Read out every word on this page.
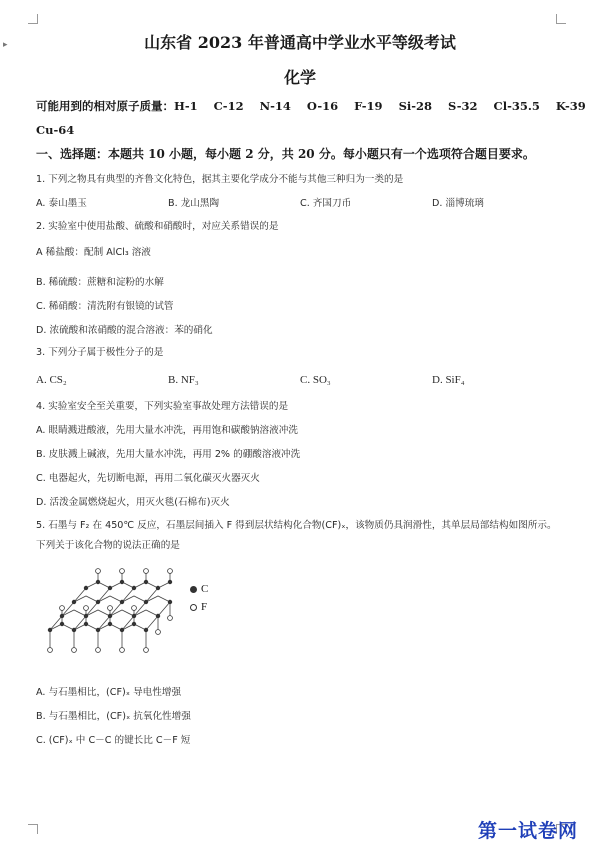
▸	山东省 2023 年普通高中学业水平等级考试
化学
可能用到的相对原子质量：H-1    C-12    N-14    O-16    F-19    Si-28    S-32    Cl-35.5    K-39
Cu-64
一、选择题：本题共 10 小题，每小题 2 分，共 20 分。每小题只有一个选项符合题目要求。
1. 下列之物具有典型的齐鲁文化特色，据其主要化学成分不能与其他三种归为一类的是
A. 泰山墨玉	B. 龙山黑陶	C. 齐国刀币	D. 淄博琉璃
2. 实验室中使用盐酸、硫酸和硝酸时，对应关系错误的是
A 稀盐酸：配制 AlCl₃ 溶液
B. 稀硫酸：蔗糖和淀粉的水解
C. 稀硝酸：清洗附有银镜的试管
D. 浓硫酸和浓硝酸的混合溶液：苯的硝化
3. 下列分子属于极性分子的是
A. CS₂	B. NF₃	C. SO₃	D. SiF₄
4. 实验室安全至关重要，下列实验室事故处理方法错误的是
A. 眼睛溅进酸液，先用大量水冲洗，再用饱和碳酸钠溶液冲洗
B. 皮肤溅上碱液，先用大量水冲洗，再用 2% 的硼酸溶液冲洗
C. 电器起火，先切断电源，再用二氧化碳灭火器灭火
D. 活泼金属燃烧起火，用灭火毯(石棉布)灭火
5. 石墨与 F₂ 在 450℃ 反应，石墨层间插入 F 得到层状结构化合物(CF)ₓ，该物质仍具润滑性，其单层局部结构如图所示。下列关于该化合物的说法正确的是
C
F
A. 与石墨相比，(CF)ₓ 导电性增强
B. 与石墨相比，(CF)ₓ 抗氧化性增强
C. (CF)ₓ 中 C－C 的键长比 C－F 短
第一试卷网
